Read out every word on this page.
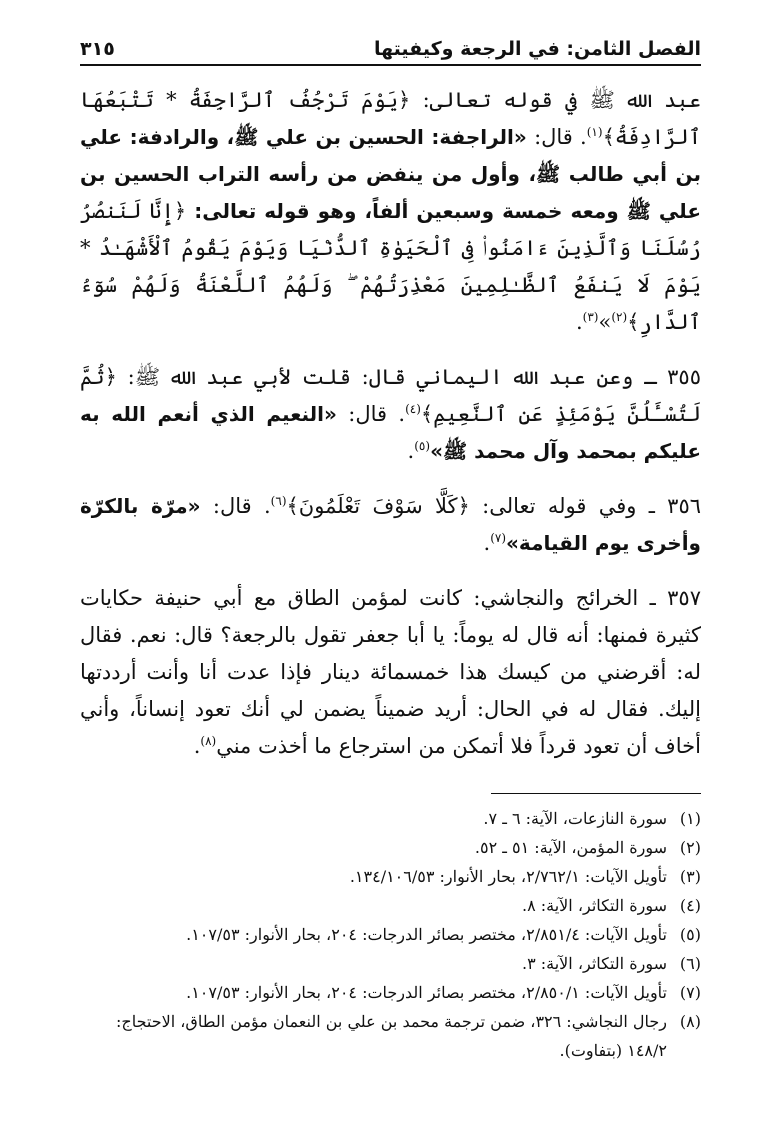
الفصل الثامن: في الرجعة وكيفيتها
٣١٥

عبد الله ﷺ في قوله تعالى: ﴿يَوْمَ تَرْجُفُ ٱلرَّاجِفَةُ * تَتْبَعُهَا ٱلرَّادِفَةُ﴾$^{(١)}$. قال: «الراجفة: الحسين بن علي ﷺ، والرادفة: علي بن أبي طالب ﷺ، وأول من ينفض من رأسه التراب الحسين بن علي ﷺ ومعه خمسة وسبعين ألفاً، وهو قوله تعالى: ﴿إِنَّا لَنَنصُرُ رُسُلَنَا وَٱلَّذِينَ ءَامَنُوا۟ فِى ٱلْحَيَوٰةِ ٱلدُّنْيَا وَيَوْمَ يَقُومُ ٱلْأَشْهَـٰدُ * يَوْمَ لَا يَنفَعُ ٱلظَّـٰلِمِينَ مَعْذِرَتُهُمْ ۖ وَلَهُمُ ٱللَّعْنَةُ وَلَهُمْ سُوٓءُ ٱلدَّارِ﴾$^{(٢)}$»$^{(٣)}$.

٣٥٥ ـ وعن عبد الله اليماني قال: قلت لأبي عبد الله ﷺ: ﴿ثُمَّ لَتُسْـَٔلُنَّ يَوْمَئِذٍ عَنِ ٱلنَّعِيمِ﴾$^{(٤)}$. قال: «النعيم الذي أنعم الله به عليكم بمحمد وآل محمد ﷺ»$^{(٥)}$.

٣٥٦ ـ وفي قوله تعالى: ﴿كَلَّا سَوْفَ تَعْلَمُونَ﴾$^{(٦)}$. قال: «مرّة بالكرّة وأخرى يوم القيامة»$^{(٧)}$.

٣٥٧ ـ الخرائج والنجاشي: كانت لمؤمن الطاق مع أبي حنيفة حكايات كثيرة فمنها: أنه قال له يوماً: يا أبا جعفر تقول بالرجعة؟ قال: نعم. فقال له: أقرضني من كيسك هذا خمسمائة دينار فإذا عدت أنا وأنت أرددتها إليك. فقال له في الحال: أريد ضميناً يضمن لي أنك تعود إنساناً، وأني أخاف أن تعود قرداً فلا أتمكن من استرجاع ما أخذت مني$^{(٨)}$.

(١)
سورة النازعات، الآية: ٦ ـ ٧.
(٢)
سورة المؤمن، الآية: ٥١ ـ ٥٢.
(٣)
تأويل الآيات: ٢/٧٦٢/١، بحار الأنوار: ١٣٤/١٠٦/٥٣.
(٤)
سورة التكاثر، الآية: ٨.
(٥)
تأويل الآيات: ٢/٨٥١/٤، مختصر بصائر الدرجات: ٢٠٤، بحار الأنوار: ١٠٧/٥٣.
(٦)
سورة التكاثر، الآية: ٣.
(٧)
تأويل الآيات: ٢/٨٥٠/١، مختصر بصائر الدرجات: ٢٠٤، بحار الأنوار: ١٠٧/٥٣.
(٨)
رجال النجاشي: ٣٢٦، ضمن ترجمة محمد بن علي بن النعمان مؤمن الطاق، الاحتجاج: ١٤٨/٢ (بتفاوت).
